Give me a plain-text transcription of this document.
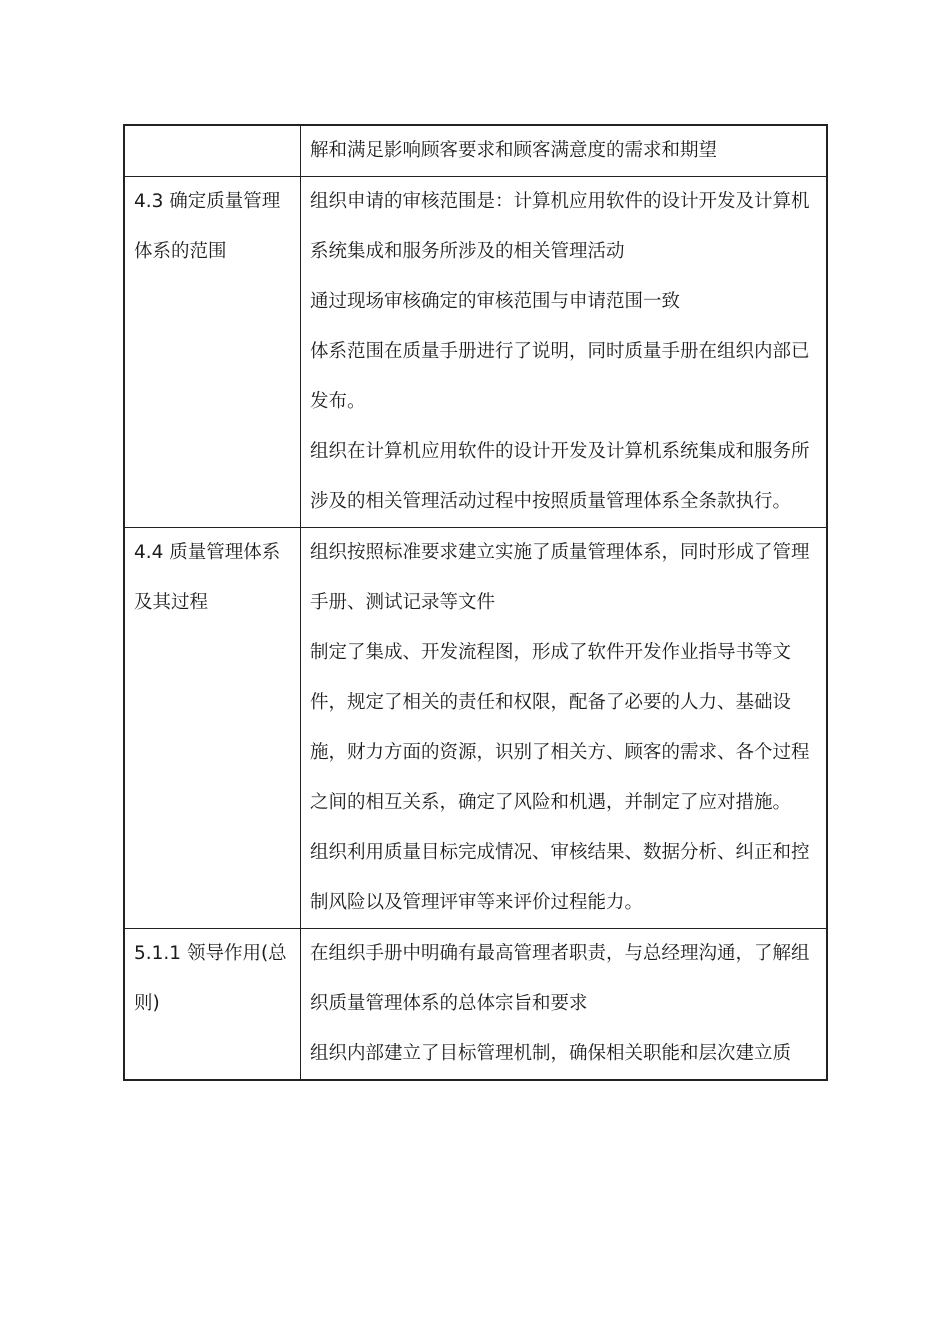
	解和满足影响顾客要求和顾客满意度的需求和期望

4.3 确定质量管理体系的范围	组织申请的审核范围是：计算机应用软件的设计开发及计算机系统集成和服务所涉及的相关管理活动
通过现场审核确定的审核范围与申请范围一致
体系范围在质量手册进行了说明，同时质量手册在组织内部已发布。
组织在计算机应用软件的设计开发及计算机系统集成和服务所涉及的相关管理活动过程中按照质量管理体系全条款执行。

4.4 质量管理体系及其过程	组织按照标准要求建立实施了质量管理体系，同时形成了管理手册、测试记录等文件
制定了集成、开发流程图，形成了软件开发作业指导书等文件，规定了相关的责任和权限，配备了必要的人力、基础设施，财力方面的资源，识别了相关方、顾客的需求、各个过程之间的相互关系，确定了风险和机遇，并制定了应对措施。
组织利用质量目标完成情况、审核结果、数据分析、纠正和控制风险以及管理评审等来评价过程能力。

5.1.1 领导作用(总则)	在组织手册中明确有最高管理者职责，与总经理沟通，了解组织质量管理体系的总体宗旨和要求
组织内部建立了目标管理机制，确保相关职能和层次建立质
